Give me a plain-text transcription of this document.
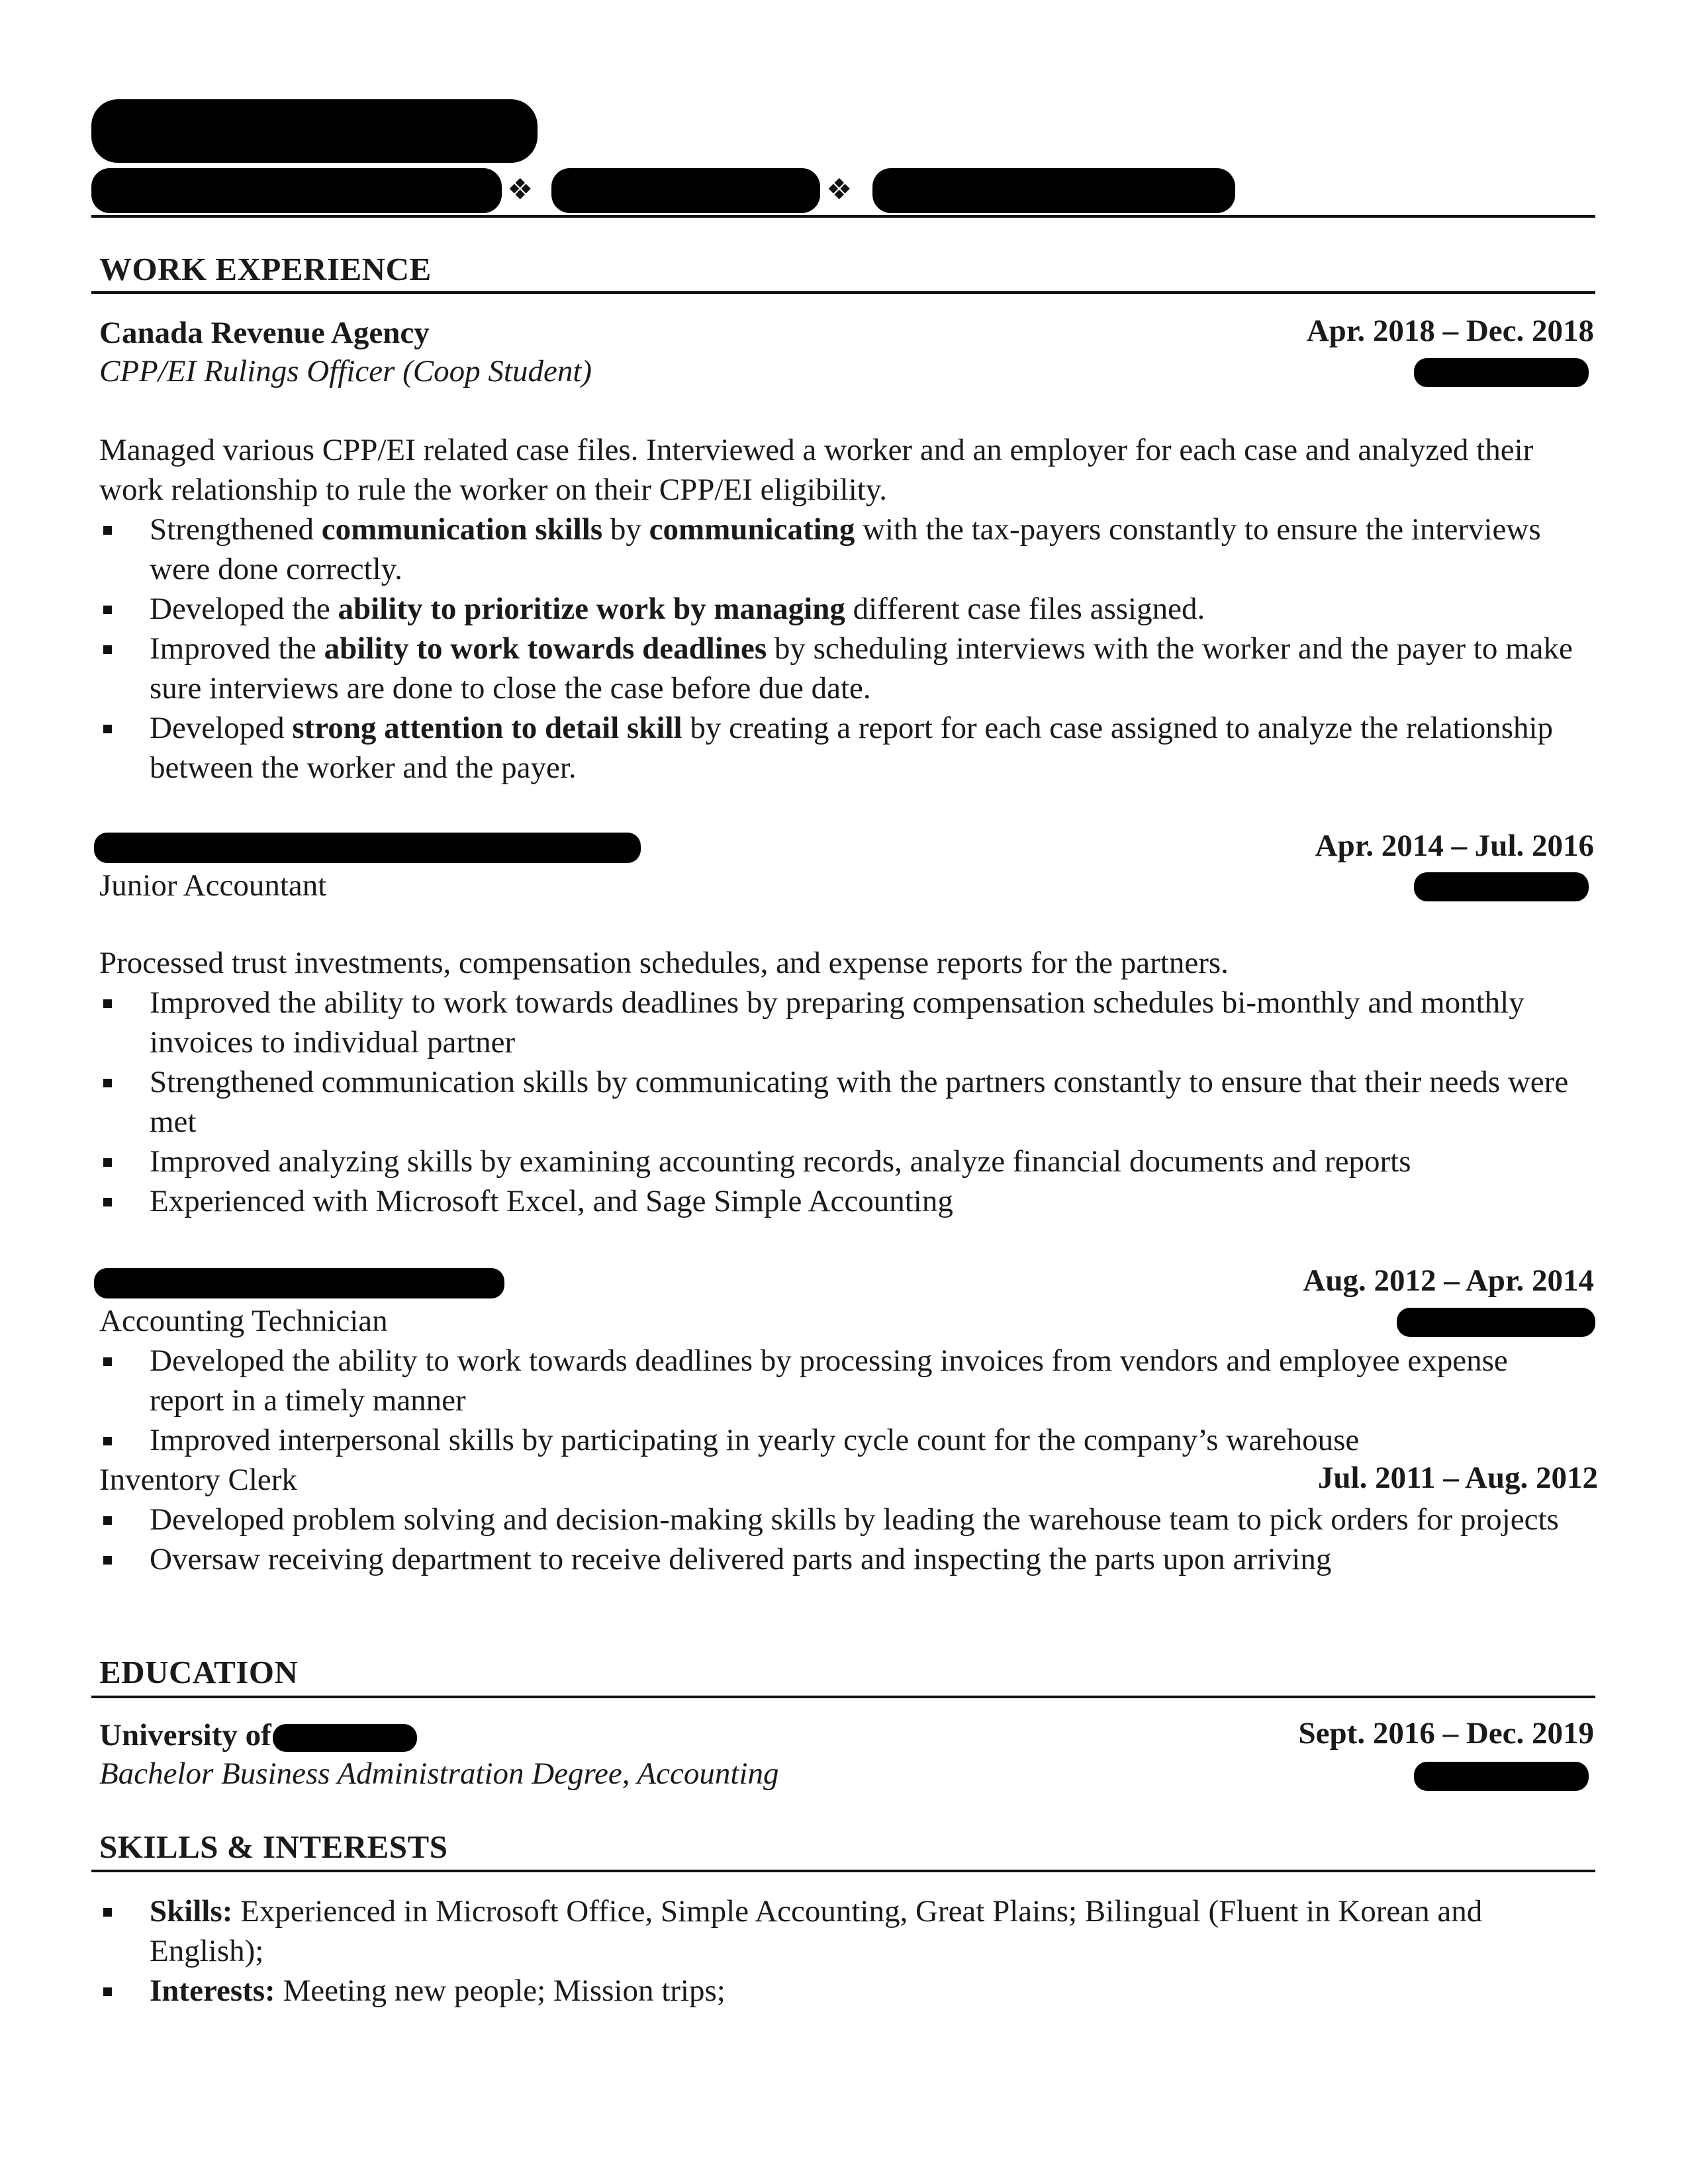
❖	❖
WORK EXPERIENCE
Canada Revenue Agency	Apr. 2018 – Dec. 2018
CPP/EI Rulings Officer (Coop Student)
Managed various CPP/EI related case files. Interviewed a worker and an employer for each case and analyzed their work relationship to rule the worker on their CPP/EI eligibility.
Strengthened communication skills by communicating with the tax-payers constantly to ensure the interviews were done correctly.
Developed the ability to prioritize work by managing different case files assigned.
Improved the ability to work towards deadlines by scheduling interviews with the worker and the payer to make sure interviews are done to close the case before due date.
Developed strong attention to detail skill by creating a report for each case assigned to analyze the relationship between the worker and the payer.
Apr. 2014 – Jul. 2016
Junior Accountant
Processed trust investments, compensation schedules, and expense reports for the partners.
Improved the ability to work towards deadlines by preparing compensation schedules bi-monthly and monthly invoices to individual partner
Strengthened communication skills by communicating with the partners constantly to ensure that their needs were met
Improved analyzing skills by examining accounting records, analyze financial documents and reports
Experienced with Microsoft Excel, and Sage Simple Accounting
Aug. 2012 – Apr. 2014
Accounting Technician
Developed the ability to work towards deadlines by processing invoices from vendors and employee expense report in a timely manner
Improved interpersonal skills by participating in yearly cycle count for the company’s warehouse
Inventory Clerk	Jul. 2011 – Aug. 2012
Developed problem solving and decision-making skills by leading the warehouse team to pick orders for projects
Oversaw receiving department to receive delivered parts and inspecting the parts upon arriving
EDUCATION
University of	Sept. 2016 – Dec. 2019
Bachelor Business Administration Degree, Accounting
SKILLS & INTERESTS
Skills: Experienced in Microsoft Office, Simple Accounting, Great Plains; Bilingual (Fluent in Korean and English);
Interests: Meeting new people; Mission trips;
